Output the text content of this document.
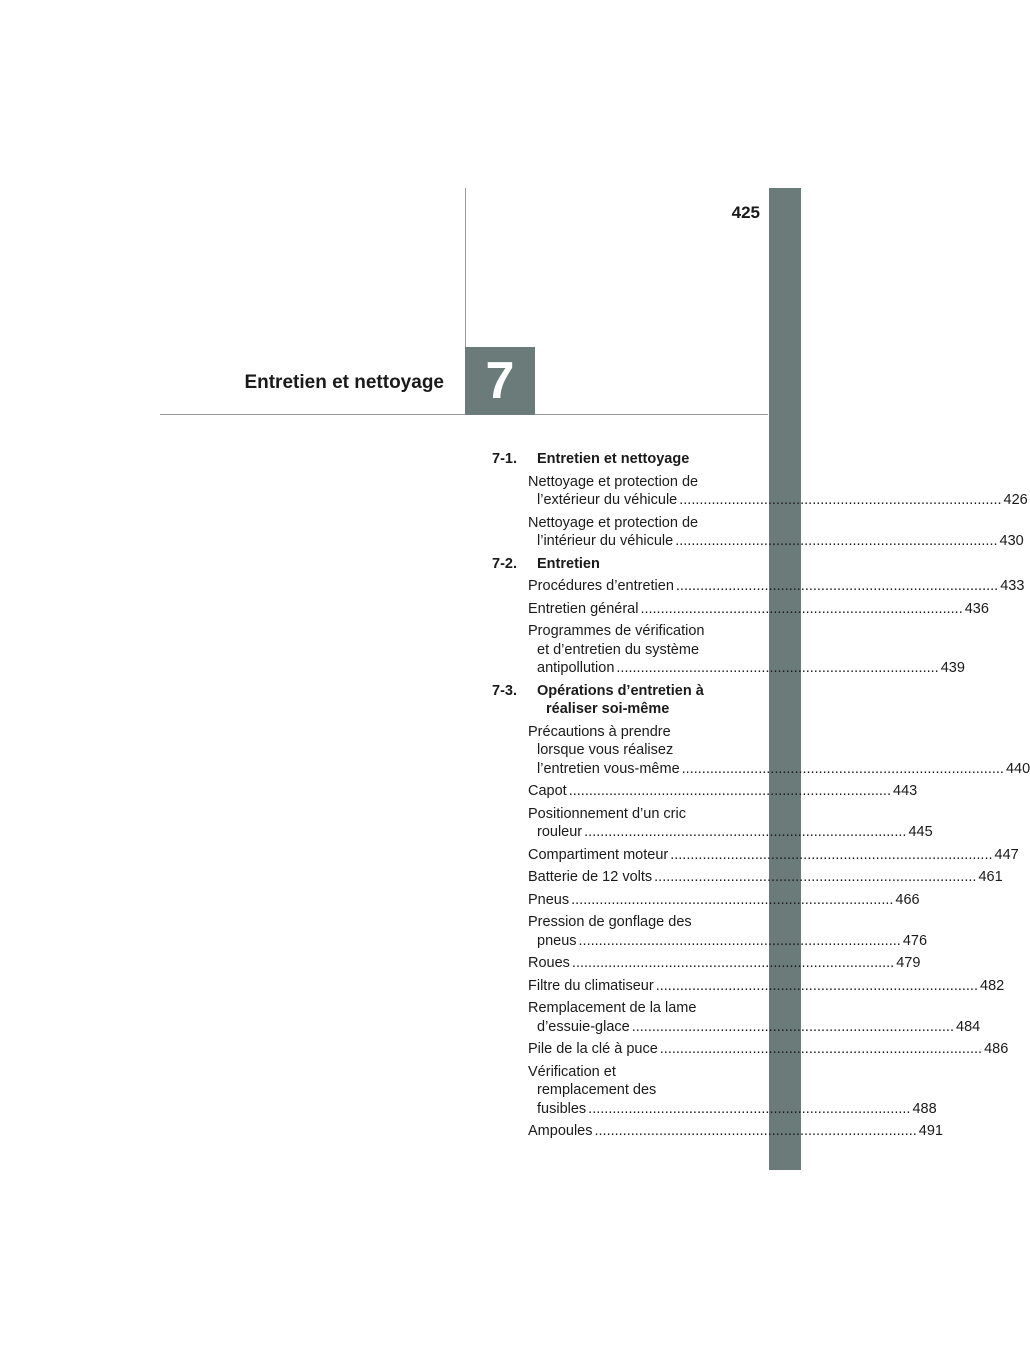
425
7
Entretien et nettoyage
7-1.	Entretien et nettoyage
Nettoyage et protection de
l’extérieur du véhicule ................................................................................ 426
Nettoyage et protection de
l’intérieur du véhicule ................................................................................ 430
7-2.	Entretien
Procédures d’entretien ................................................................................ 433
Entretien général ................................................................................ 436
Programmes de vérification
et d’entretien du système
antipollution ................................................................................ 439
7-3.	Opérations d’entretien à
réaliser soi-même
Précautions à prendre
lorsque vous réalisez
l’entretien vous-même ................................................................................ 440
Capot ................................................................................ 443
Positionnement d’un cric
rouleur ................................................................................ 445
Compartiment moteur ................................................................................ 447
Batterie de 12 volts ................................................................................ 461
Pneus ................................................................................ 466
Pression de gonflage des
pneus ................................................................................ 476
Roues ................................................................................ 479
Filtre du climatiseur ................................................................................ 482
Remplacement de la lame
d’essuie-glace ................................................................................ 484
Pile de la clé à puce ................................................................................ 486
Vérification et
remplacement des
fusibles ................................................................................ 488
Ampoules ................................................................................ 491
